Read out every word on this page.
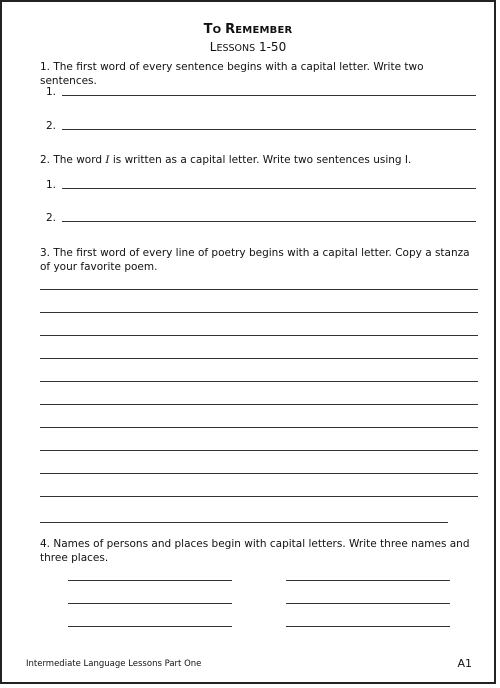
TO REMEMBER
LESSONS 1-50
1. The first word of every sentence begins with a capital letter. Write two sentences.
1.
2.
2. The word I is written as a capital letter. Write two sentences using I.
1.
2.
3. The first word of every line of poetry begins with a capital letter. Copy a stanza of your favorite poem.
4. Names of persons and places begin with capital letters. Write three names and three places.
Intermediate Language Lessons Part One	A1
